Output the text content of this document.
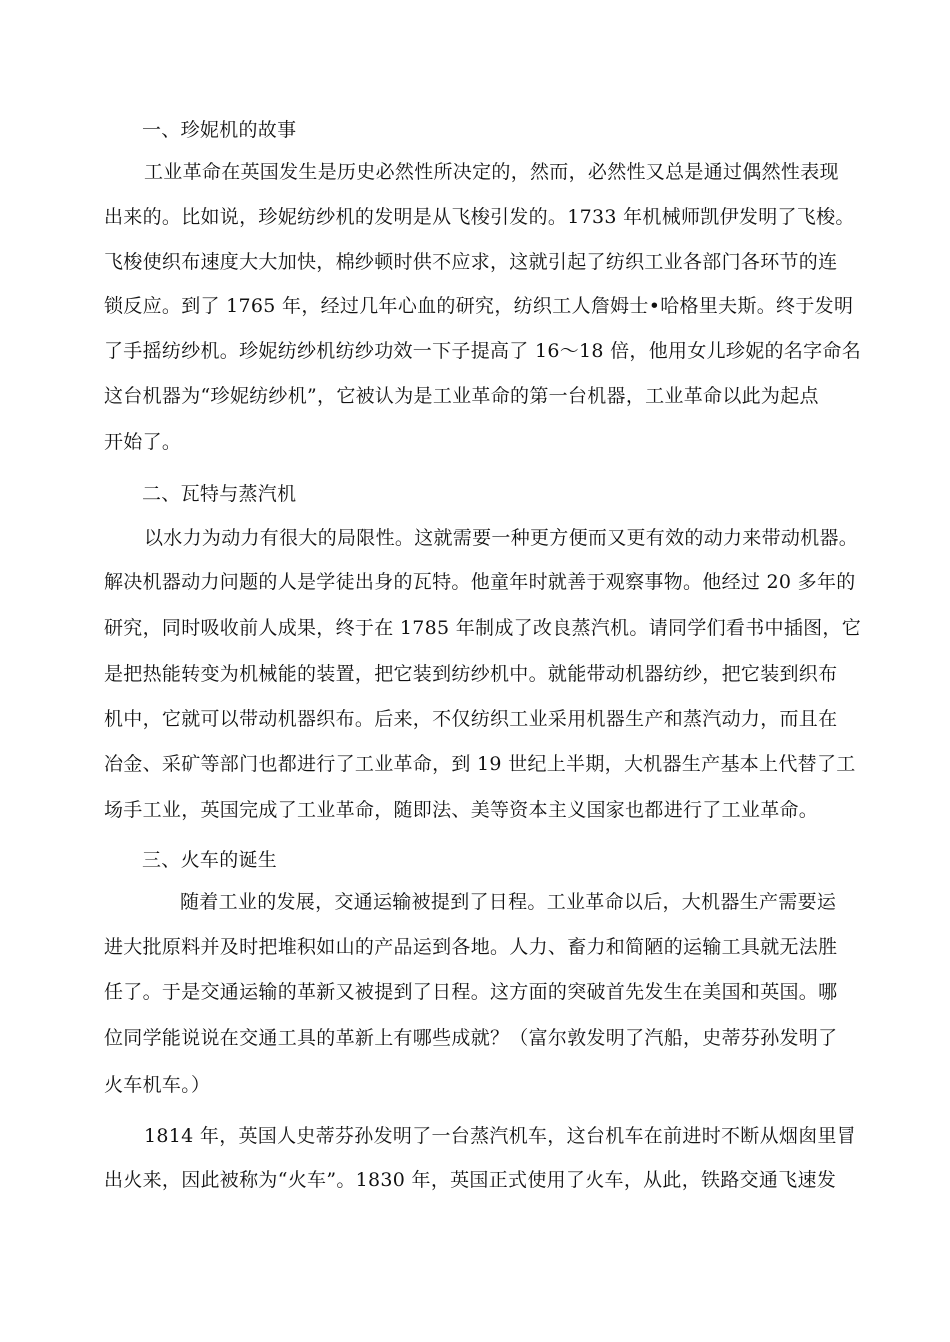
一、珍妮机的故事
工业革命在英国发生是历史必然性所决定的，然而，必然性又总是通过偶然性表现
出来的。比如说，珍妮纺纱机的发明是从飞梭引发的。1733 年机械师凯伊发明了飞梭。
飞梭使织布速度大大加快，棉纱顿时供不应求，这就引起了纺织工业各部门各环节的连
锁反应。到了 1765 年，经过几年心血的研究，纺织工人詹姆士•哈格里夫斯。终于发明
了手摇纺纱机。珍妮纺纱机纺纱功效一下子提高了 16～18 倍，他用女儿珍妮的名字命名
这台机器为“珍妮纺纱机”，它被认为是工业革命的第一台机器，工业革命以此为起点
开始了。
二、瓦特与蒸汽机
以水力为动力有很大的局限性。这就需要一种更方便而又更有效的动力来带动机器。
解决机器动力问题的人是学徒出身的瓦特。他童年时就善于观察事物。他经过 20 多年的
研究，同时吸收前人成果，终于在 1785 年制成了改良蒸汽机。请同学们看书中插图，它
是把热能转变为机械能的装置，把它装到纺纱机中。就能带动机器纺纱，把它装到织布
机中，它就可以带动机器织布。后来，不仅纺织工业采用机器生产和蒸汽动力，而且在
冶金、采矿等部门也都进行了工业革命，到 19 世纪上半期，大机器生产基本上代替了工
场手工业，英国完成了工业革命，随即法、美等资本主义国家也都进行了工业革命。
三、火车的诞生
随着工业的发展，交通运输被提到了日程。工业革命以后，大机器生产需要运
进大批原料并及时把堆积如山的产品运到各地。人力、畜力和简陋的运输工具就无法胜
任了。于是交通运输的革新又被提到了日程。这方面的突破首先发生在美国和英国。哪
位同学能说说在交通工具的革新上有哪些成就？（富尔敦发明了汽船，史蒂芬孙发明了
火车机车。）
1814 年，英国人史蒂芬孙发明了一台蒸汽机车，这台机车在前进时不断从烟囱里冒
出火来，因此被称为“火车”。1830 年，英国正式使用了火车，从此，铁路交通飞速发
